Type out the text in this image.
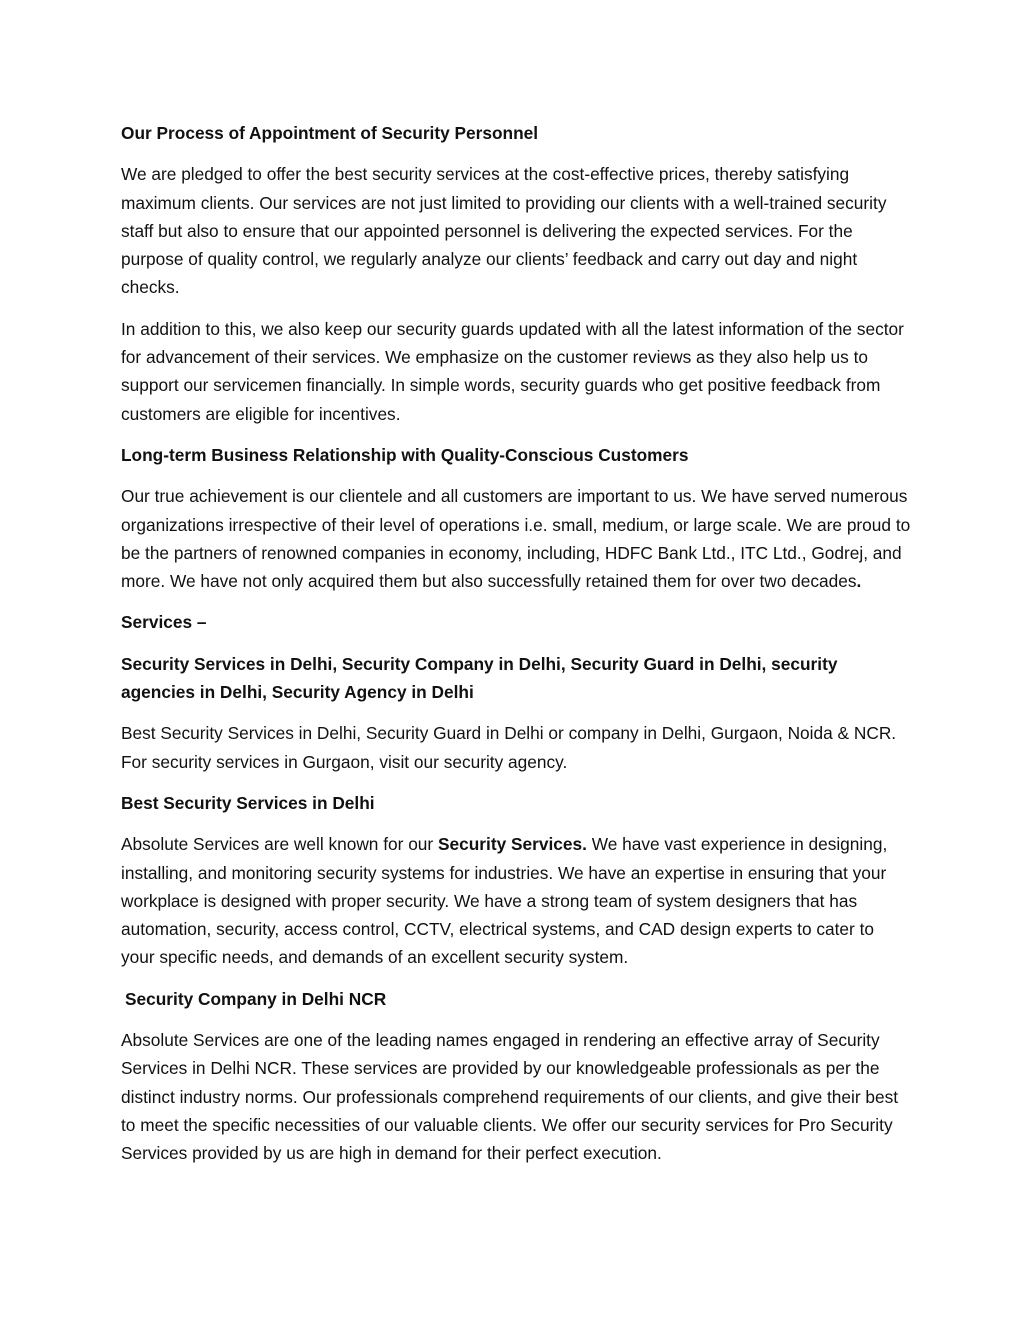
Our Process of Appointment of Security Personnel
We are pledged to offer the best security services at the cost-effective prices, thereby satisfying maximum clients. Our services are not just limited to providing our clients with a well-trained security staff but also to ensure that our appointed personnel is delivering the expected services. For the purpose of quality control, we regularly analyze our clients’ feedback and carry out day and night checks.
In addition to this, we also keep our security guards updated with all the latest information of the sector for advancement of their services. We emphasize on the customer reviews as they also help us to support our servicemen financially. In simple words, security guards who get positive feedback from customers are eligible for incentives.
Long-term Business Relationship with Quality-Conscious Customers
Our true achievement is our clientele and all customers are important to us. We have served numerous organizations irrespective of their level of operations i.e. small, medium, or large scale. We are proud to be the partners of renowned companies in economy, including, HDFC Bank Ltd., ITC Ltd., Godrej, and more. We have not only acquired them but also successfully retained them for over two decades.
Services –
Security Services in Delhi, Security Company in Delhi, Security Guard in Delhi, security agencies in Delhi, Security Agency in Delhi
Best Security Services in Delhi, Security Guard in Delhi or company in Delhi, Gurgaon, Noida & NCR. For security services in Gurgaon, visit our security agency.
Best Security Services in Delhi
Absolute Services are well known for our Security Services. We have vast experience in designing, installing, and monitoring security systems for industries. We have an expertise in ensuring that your workplace is designed with proper security. We have a strong team of system designers that has automation, security, access control, CCTV, electrical systems, and CAD design experts to cater to your specific needs, and demands of an excellent security system.
Security Company in Delhi NCR
Absolute Services are one of the leading names engaged in rendering an effective array of Security Services in Delhi NCR. These services are provided by our knowledgeable professionals as per the distinct industry norms. Our professionals comprehend requirements of our clients, and give their best to meet the specific necessities of our valuable clients. We offer our security services for Pro Security Services provided by us are high in demand for their perfect execution.
